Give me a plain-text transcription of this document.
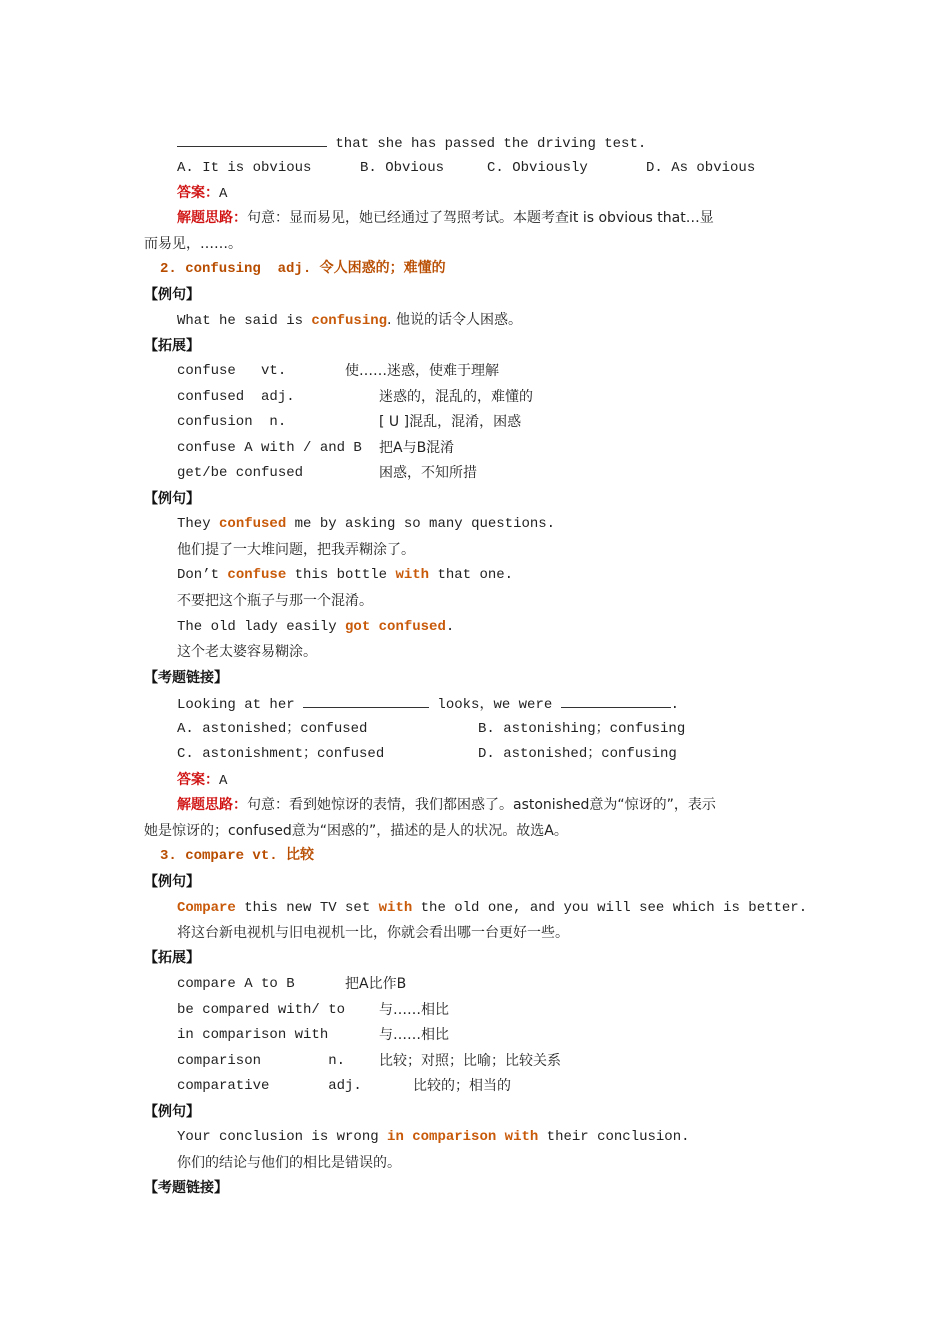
that she has passed the driving test.
A. It is obvious	B. Obvious	C. Obviously	D. As obvious
答案：A
解题思路：句意：显而易见，她已经通过了驾照考试。本题考查it is obvious that…显
而易见，……。
2. confusing  adj. 令人困惑的；难懂的
【例句】
What he said is confusing. 他说的话令人困惑。
【拓展】
confuse   vt.	使……迷惑，使难于理解
confused  adj.	迷惑的，混乱的，难懂的
confusion  n.	[ U ]混乱，混淆，困惑
confuse A with / and B 把A与B混淆
get/be confused	困惑，不知所措
【例句】
They confused me by asking so many questions.
他们提了一大堆问题，把我弄糊涂了。
Don’t confuse this bottle with that one.
不要把这个瓶子与那一个混淆。
The old lady easily got confused.
这个老太婆容易糊涂。
【考题链接】
Looking at her	looks，we were	.
A. astonished；confused	B. astonishing；confusing
C. astonishment；confused	D. astonished；confusing
答案：A
解题思路：句意：看到她惊讶的表情，我们都困惑了。astonished意为“惊讶的”，表示
她是惊讶的；confused意为“困惑的”，描述的是人的状况。故选A。
3. compare vt. 比较
【例句】
Compare this new TV set with the old one, and you will see which is better.
将这台新电视机与旧电视机一比，你就会看出哪一台更好一些。
【拓展】
compare A to B	把A比作B
be compared with/ to 与……相比
in comparison with	与……相比
comparison        n. 比较；对照；比喻；比较关系
comparative       adj.	比较的；相当的
【例句】
Your conclusion is wrong in comparison with their conclusion.
你们的结论与他们的相比是错误的。
【考题链接】
